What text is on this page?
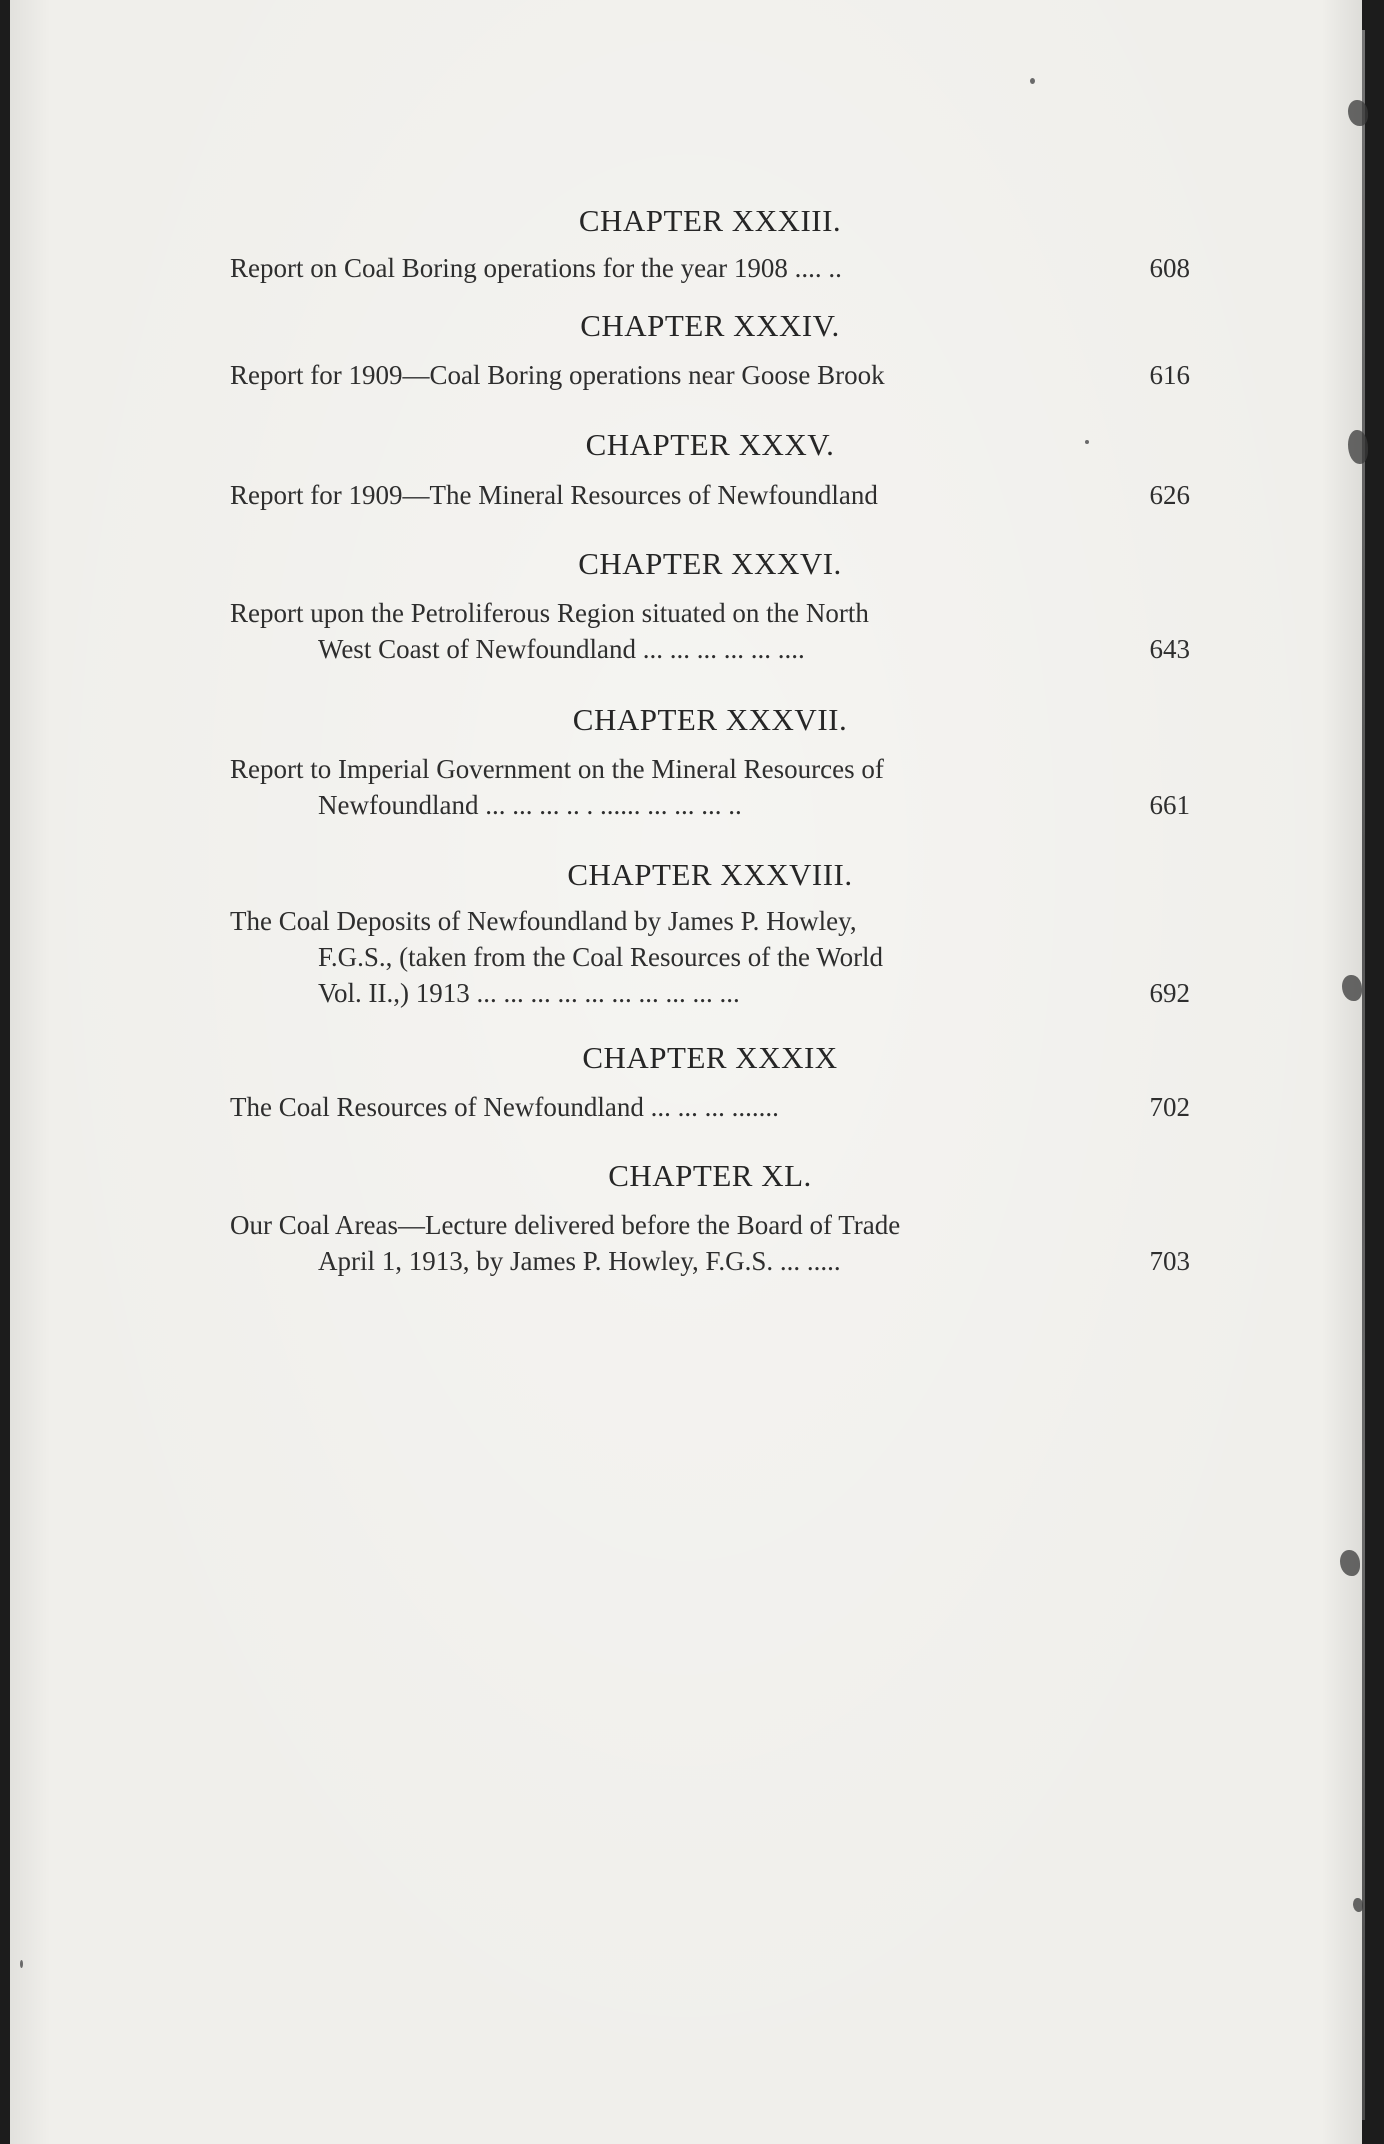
CHAPTER XXXIII.
Report on Coal Boring operations for the year 1908 .... ..	608
CHAPTER XXXIV.
Report for 1909—Coal Boring operations near Goose Brook	616
CHAPTER XXXV.
Report for 1909—The Mineral Resources of Newfoundland	626
CHAPTER XXXVI.
Report upon the Petroliferous Region situated on the North
West Coast of Newfoundland ... ... ... ... ... ....	643
CHAPTER XXXVII.
Report to Imperial Government on the Mineral Resources of
Newfoundland ... ... ... .. . ...... ... ... ... ..	661
CHAPTER XXXVIII.
The Coal Deposits of Newfoundland by James P. Howley,
F.G.S., (taken from the Coal Resources of the World
Vol. II.,) 1913 ... ... ... ... ... ... ... ... ... ...	692
CHAPTER XXXIX
The Coal Resources of Newfoundland ... ... ... .......	702
CHAPTER XL.
Our Coal Areas—Lecture delivered before the Board of Trade
April 1, 1913, by James P. Howley, F.G.S. ... .....	703
